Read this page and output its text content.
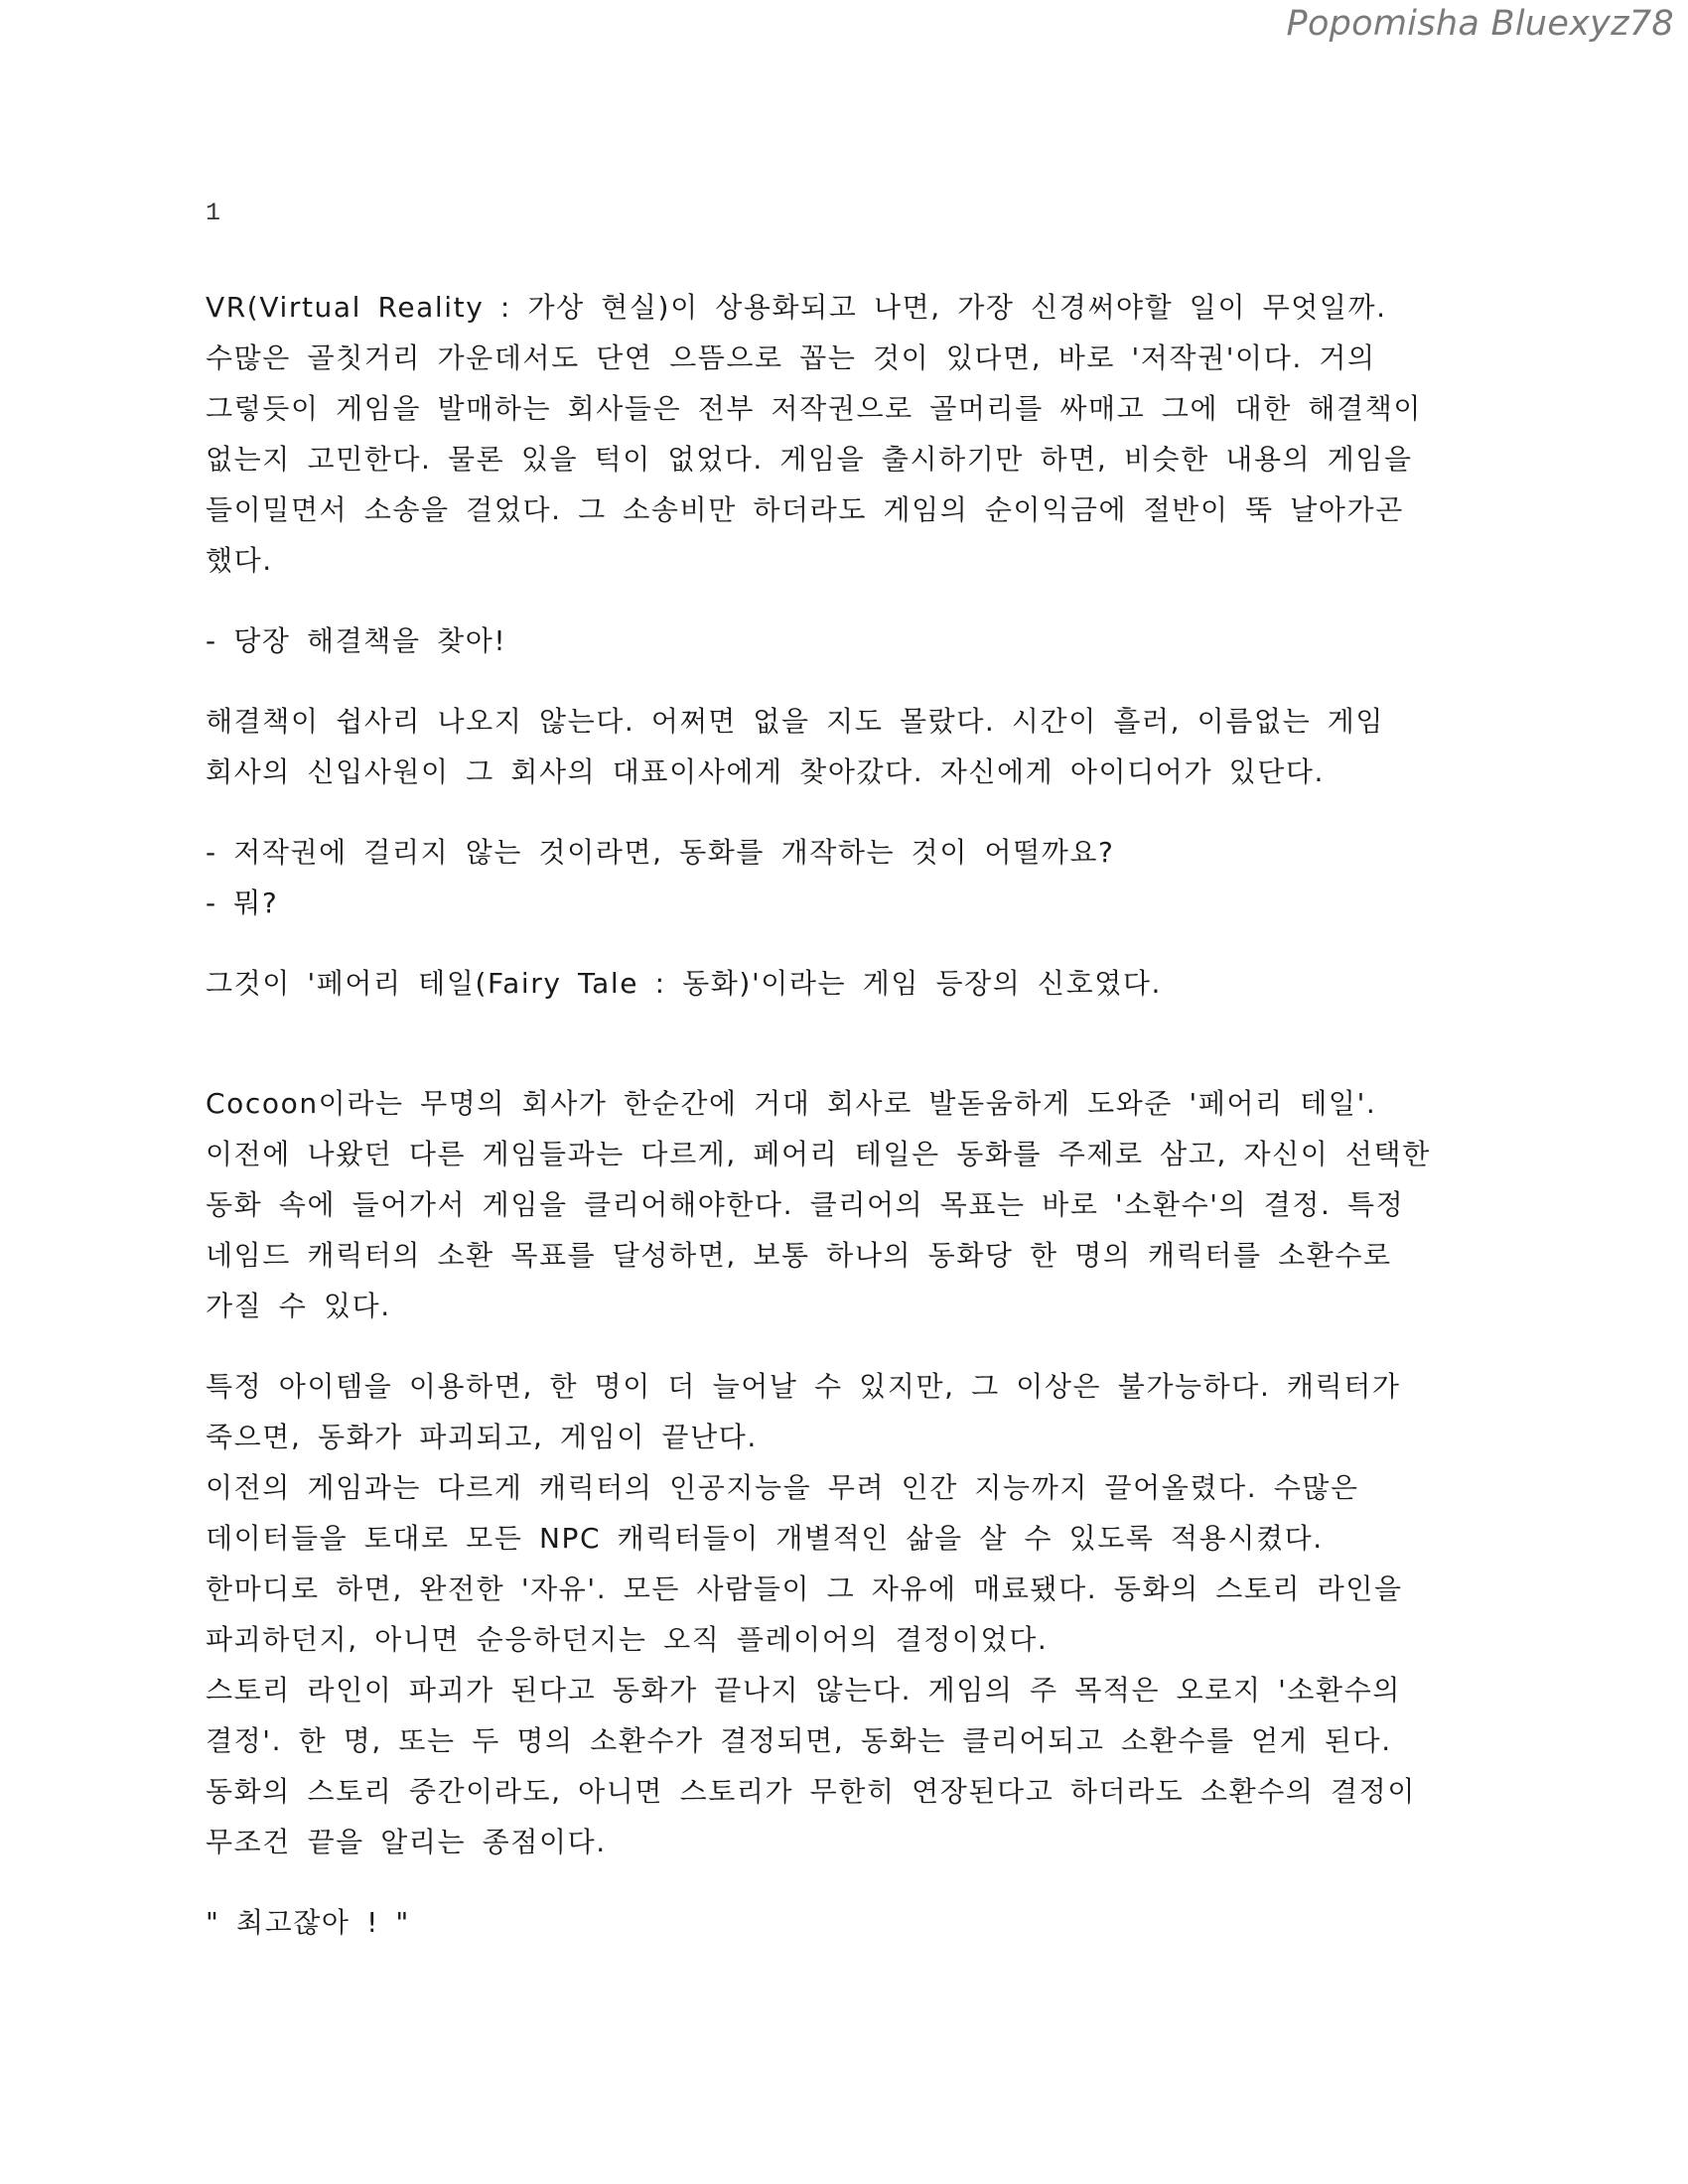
Popomisha Bluexyz78
1

VR(Virtual Reality : 가상 현실)이 상용화되고 나면, 가장 신경써야할 일이 무엇일까.
수많은 골칫거리 가운데서도 단연 으뜸으로 꼽는 것이 있다면, 바로 '저작권'이다. 거의
그렇듯이 게임을 발매하는 회사들은 전부 저작권으로 골머리를 싸매고 그에 대한 해결책이
없는지 고민한다. 물론 있을 턱이 없었다. 게임을 출시하기만 하면, 비슷한 내용의 게임을
들이밀면서 소송을 걸었다. 그 소송비만 하더라도 게임의 순이익금에 절반이 뚝 날아가곤
했다.

- 당장 해결책을 찾아!

해결책이 쉽사리 나오지 않는다. 어쩌면 없을 지도 몰랐다. 시간이 흘러, 이름없는 게임
회사의 신입사원이 그 회사의 대표이사에게 찾아갔다. 자신에게 아이디어가 있단다.

- 저작권에 걸리지 않는 것이라면, 동화를 개작하는 것이 어떨까요?
- 뭐?

그것이 '페어리 테일(Fairy Tale : 동화)'이라는 게임 등장의 신호였다.

Cocoon이라는 무명의 회사가 한순간에 거대 회사로 발돋움하게 도와준 '페어리 테일'.
이전에 나왔던 다른 게임들과는 다르게, 페어리 테일은 동화를 주제로 삼고, 자신이 선택한
동화 속에 들어가서 게임을 클리어해야한다. 클리어의 목표는 바로 '소환수'의 결정. 특정
네임드 캐릭터의 소환 목표를 달성하면, 보통 하나의 동화당 한 명의 캐릭터를 소환수로
가질 수 있다.

특정 아이템을 이용하면, 한 명이 더 늘어날 수 있지만, 그 이상은 불가능하다. 캐릭터가
죽으면, 동화가 파괴되고, 게임이 끝난다.
이전의 게임과는 다르게 캐릭터의 인공지능을 무려 인간 지능까지 끌어올렸다. 수많은
데이터들을 토대로 모든 NPC 캐릭터들이 개별적인 삶을 살 수 있도록 적용시켰다.
한마디로 하면, 완전한 '자유'. 모든 사람들이 그 자유에 매료됐다. 동화의 스토리 라인을
파괴하던지, 아니면 순응하던지는 오직 플레이어의 결정이었다.
스토리 라인이 파괴가 된다고 동화가 끝나지 않는다. 게임의 주 목적은 오로지 '소환수의
결정'. 한 명, 또는 두 명의 소환수가 결정되면, 동화는 클리어되고 소환수를 얻게 된다.
동화의 스토리 중간이라도, 아니면 스토리가 무한히 연장된다고 하더라도 소환수의 결정이
무조건 끝을 알리는 종점이다.

" 최고잖아 ! "
